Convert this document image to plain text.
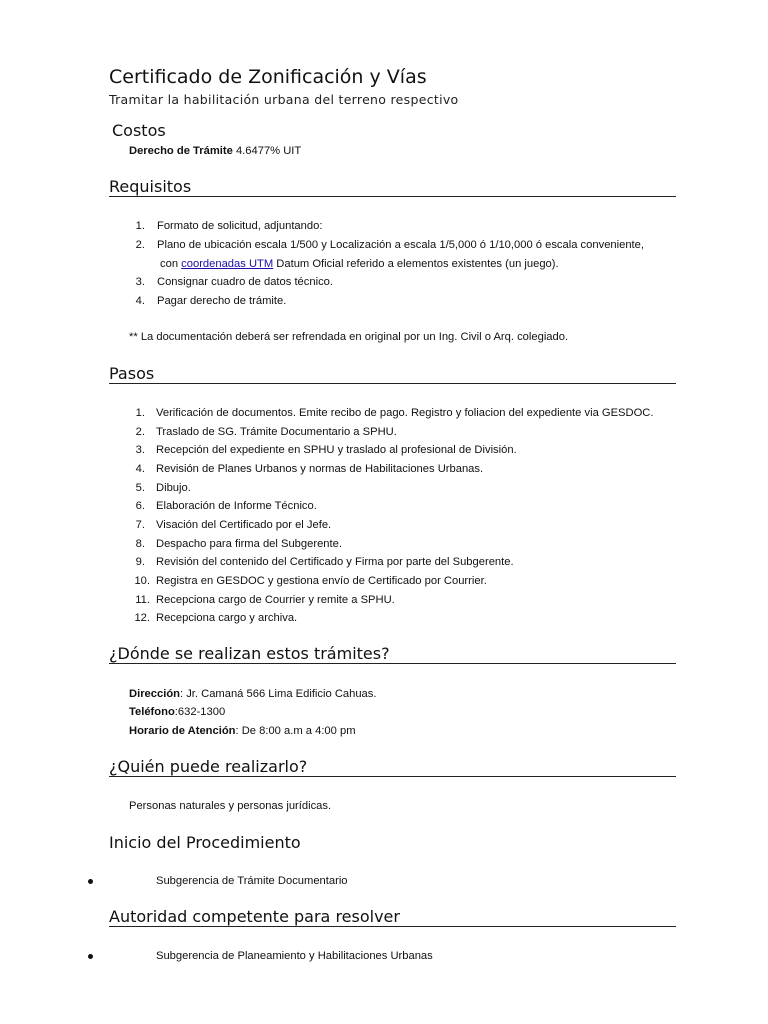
Certificado de Zonificación y Vías
Tramitar la habilitación urbana del terreno respectivo
Costos
Derecho de Trámite 4.6477% UIT
Requisitos
1. Formato de solicitud, adjuntando:
2. Plano de ubicación escala 1/500 y Localización a escala 1/5,000 ó 1/10,000 ó escala conveniente,
con coordenadas UTM Datum Oficial referido a elementos existentes (un juego).
3. Consignar cuadro de datos técnico.
4. Pagar derecho de trámite.
** La documentación deberá ser refrendada en original por un Ing. Civil o Arq. colegiado.
Pasos
1. Verificación de documentos. Emite recibo de pago. Registro y foliacion del expediente via GESDOC.
2. Traslado de SG. Trámite Documentario a SPHU.
3. Recepción del expediente en SPHU y traslado al profesional de División.
4. Revisión de Planes Urbanos y normas de Habilitaciones Urbanas.
5. Dibujo.
6. Elaboración de Informe Técnico.
7. Visación del Certificado por el Jefe.
8. Despacho para firma del Subgerente.
9. Revisión del contenido del Certificado y Firma por parte del Subgerente.
10. Registra en GESDOC y gestiona envío de Certificado por Courrier.
11. Recepciona cargo de Courrier y remite a SPHU.
12. Recepciona cargo y archiva.
¿Dónde se realizan estos trámites?
Dirección: Jr. Camaná 566 Lima Edificio Cahuas.
Teléfono:632-1300
Horario de Atención: De 8:00 a.m a 4:00 pm
¿Quién puede realizarlo?
Personas naturales y personas jurídicas.
Inicio del Procedimiento
Subgerencia de Trámite Documentario
Autoridad competente para resolver
Subgerencia de Planeamiento y Habilitaciones Urbanas
